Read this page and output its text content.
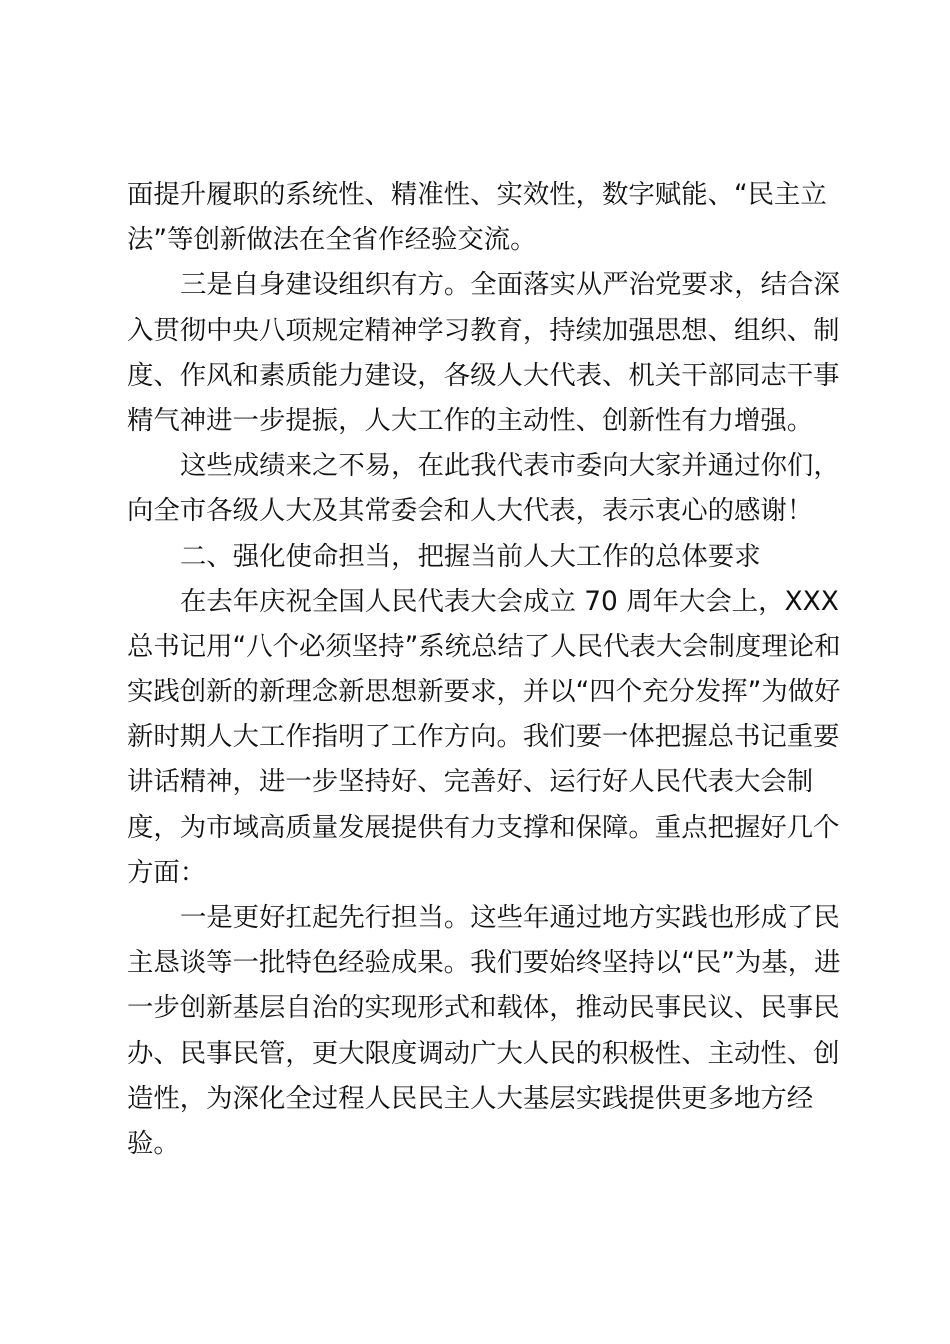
面提升履职的系统性、精准性、实效性，数字赋能、“民主立
法”等创新做法在全省作经验交流。
三是自身建设组织有方。全面落实从严治党要求，结合深
入贯彻中央八项规定精神学习教育，持续加强思想、组织、制
度、作风和素质能力建设，各级人大代表、机关干部同志干事
精气神进一步提振，人大工作的主动性、创新性有力增强。
这些成绩来之不易，在此我代表市委向大家并通过你们，
向全市各级人大及其常委会和人大代表，表示衷心的感谢！
二、强化使命担当，把握当前人大工作的总体要求
在去年庆祝全国人民代表大会成立 70 周年大会上，XXX
总书记用“八个必须坚持”系统总结了人民代表大会制度理论和
实践创新的新理念新思想新要求，并以“四个充分发挥”为做好
新时期人大工作指明了工作方向。我们要一体把握总书记重要
讲话精神，进一步坚持好、完善好、运行好人民代表大会制
度，为市域高质量发展提供有力支撑和保障。重点把握好几个
方面：
一是更好扛起先行担当。这些年通过地方实践也形成了民
主恳谈等一批特色经验成果。我们要始终坚持以“民”为基，进
一步创新基层自治的实现形式和载体，推动民事民议、民事民
办、民事民管，更大限度调动广大人民的积极性、主动性、创
造性，为深化全过程人民民主人大基层实践提供更多地方经
验。
